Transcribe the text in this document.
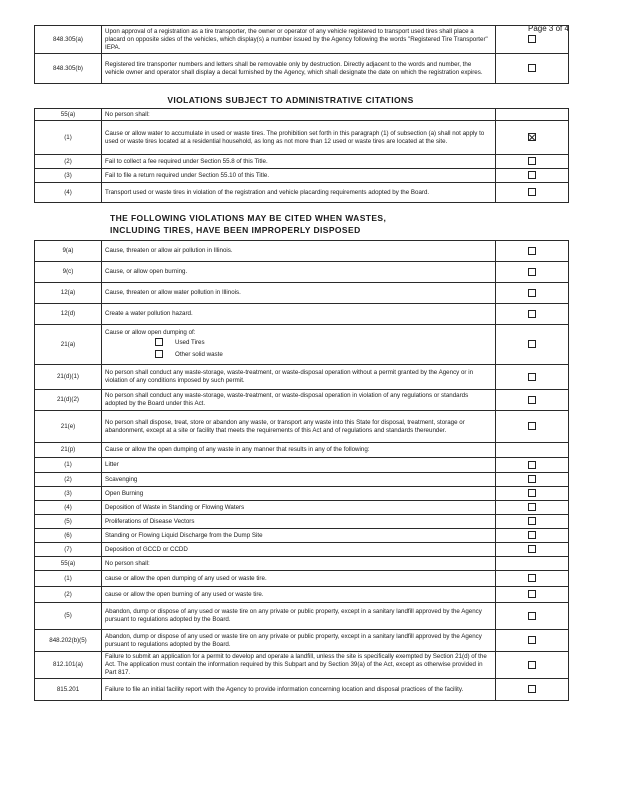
Page 3 of 4
848.305(a)	Upon approval of a registration as a tire transporter, the owner or operator of any vehicle registered to transport used tires shall place a placard on opposite sides of the vehicles, which display(s) a number issued by the Agency following the words "Registered Tire Transporter" IEPA.	
848.305(b)	Registered tire transporter numbers and letters shall be removable only by destruction. Directly adjacent to the words and number, the vehicle owner and operator shall display a decal furnished by the Agency, which shall designate the date on which the registration expires.	
VIOLATIONS SUBJECT TO ADMINISTRATIVE CITATIONS
55(a)	No person shall:	
(1)	Cause or allow water to accumulate in used or waste tires. The prohibition set forth in this paragraph (1) of subsection (a) shall not apply to used or waste tires located at a residential household, as long as not more than 12 used or waste tires are located at the site.	
(2)	Fail to collect a fee required under Section 55.8 of this Title.	
(3)	Fail to file a return required under Section 55.10 of this Title.	
(4)	Transport used or waste tires in violation of the registration and vehicle placarding requirements adopted by the Board.	
THE FOLLOWING VIOLATIONS MAY BE CITED WHEN WASTES,
INCLUDING TIRES, HAVE BEEN IMPROPERLY DISPOSED
9(a)	Cause, threaten or allow air pollution in Illinois.	
9(c)	Cause, or allow open burning.	
12(a)	Cause, threaten or allow water pollution in Illinois.	
12(d)	Create a water pollution hazard.	
21(a)	Cause or allow open dumping of:
Used Tires
Other solid waste	

21(d)(1)	No person shall conduct any waste-storage, waste-treatment, or waste-disposal operation without a permit granted by the Agency or in violation of any conditions imposed by such permit.	
21(d)(2)	No person shall conduct any waste-storage, waste-treatment, or waste-disposal operation in violation of any regulations or standards adopted by the Board under this Act.	
21(e)	No person shall dispose, treat, store or abandon any waste, or transport any waste into this State for disposal, treatment, storage or abandonment, except at a site or facility that meets the requirements of this Act and of regulations and standards thereunder.	
21(p)	Cause or allow the open dumping of any waste in any manner that results in any of the following:	
(1)	Litter	
(2)	Scavenging	
(3)	Open Burning	
(4)	Deposition of Waste in Standing or Flowing Waters	
(5)	Proliferations of Disease Vectors	
(6)	Standing or Flowing Liquid Discharge from the Dump Site	
(7)	Deposition of GCCD or CCDD	
55(a)	No person shall:	
(1)	cause or allow the open dumping of any used or waste tire.	
(2)	cause or allow the open burning of any used or waste tire.	
(5)	Abandon, dump or dispose of any used or waste tire on any private or public property, except in a sanitary landfill approved by the Agency pursuant to regulations adopted by the Board.	
848.202(b)(5)	Abandon, dump or dispose of any used or waste tire on any private or public property, except in a sanitary landfill approved by the Agency pursuant to regulations adopted by the Board.	
812.101(a)	Failure to submit an application for a permit to develop and operate a landfill, unless the site is specifically exempted by Section 21(d) of the Act. The application must contain the information required by this Subpart and by Section 39(a) of the Act, except as otherwise provided in Part 817.	
815.201	Failure to file an initial facility report with the Agency to provide information concerning location and disposal practices of the facility.	
